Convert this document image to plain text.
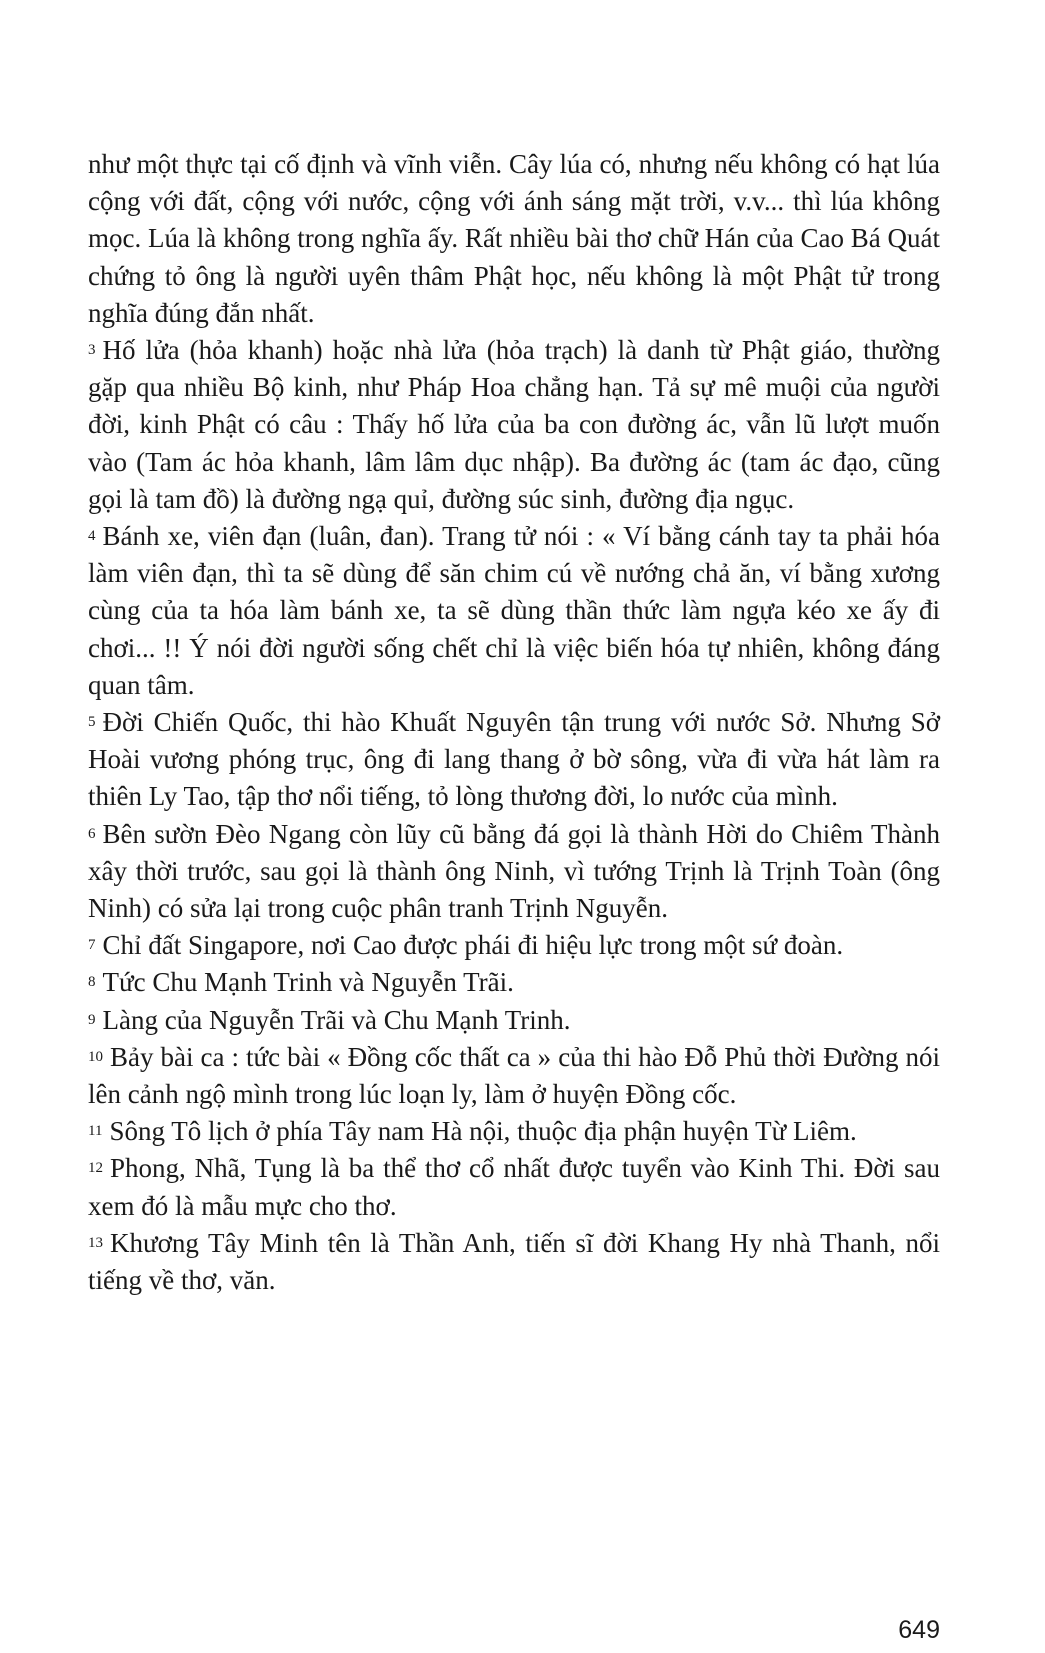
như một thực tại cố định và vĩnh viễn. Cây lúa có, nhưng nếu không có hạt lúa cộng với đất, cộng với nước, cộng với ánh sáng mặt trời, v.v... thì lúa không mọc. Lúa là không trong nghĩa ấy. Rất nhiều bài thơ chữ Hán của Cao Bá Quát chứng tỏ ông là người uyên thâm Phật học, nếu không là một Phật tử trong nghĩa đúng đắn nhất.

3 Hố lửa (hỏa khanh) hoặc nhà lửa (hỏa trạch) là danh từ Phật giáo, thường gặp qua nhiều Bộ kinh, như Pháp Hoa chẳng hạn. Tả sự mê muội của người đời, kinh Phật có câu : Thấy hố lửa của ba con đường ác, vẫn lũ lượt muốn vào (Tam ác hỏa khanh, lâm lâm dục nhập). Ba đường ác (tam ác đạo, cũng gọi là tam đồ) là đường ngạ quỉ, đường súc sinh, đường địa ngục.

4 Bánh xe, viên đạn (luân, đan). Trang tử nói : « Ví bằng cánh tay ta phải hóa làm viên đạn, thì ta sẽ dùng để săn chim cú về nướng chả ăn, ví bằng xương cùng của ta hóa làm bánh xe, ta sẽ dùng thần thức làm ngựa kéo xe ấy đi chơi... !! Ý nói đời người sống chết chỉ là việc biến hóa tự nhiên, không đáng quan tâm.

5 Đời Chiến Quốc, thi hào Khuất Nguyên tận trung với nước Sở. Nhưng Sở Hoài vương phóng trục, ông đi lang thang ở bờ sông, vừa đi vừa hát làm ra thiên Ly Tao, tập thơ nổi tiếng, tỏ lòng thương đời, lo nước của mình.

6 Bên sườn Đèo Ngang còn lũy cũ bằng đá gọi là thành Hời do Chiêm Thành xây thời trước, sau gọi là thành ông Ninh, vì tướng Trịnh là Trịnh Toàn (ông Ninh) có sửa lại trong cuộc phân tranh Trịnh Nguyễn.

7 Chỉ đất Singapore, nơi Cao được phái đi hiệu lực trong một sứ đoàn.

8 Tức Chu Mạnh Trinh và Nguyễn Trãi.

9 Làng của Nguyễn Trãi và Chu Mạnh Trinh.

10 Bảy bài ca : tức bài « Đồng cốc thất ca » của thi hào Đỗ Phủ thời Đường nói lên cảnh ngộ mình trong lúc loạn ly, làm ở huyện Đồng cốc.

11 Sông Tô lịch ở phía Tây nam Hà nội, thuộc địa phận huyện Từ Liêm.

12 Phong, Nhã, Tụng là ba thể thơ cổ nhất được tuyển vào Kinh Thi. Đời sau xem đó là mẫu mực cho thơ.

13 Khương Tây Minh tên là Thần Anh, tiến sĩ đời Khang Hy nhà Thanh, nổi tiếng về thơ, văn.

649
